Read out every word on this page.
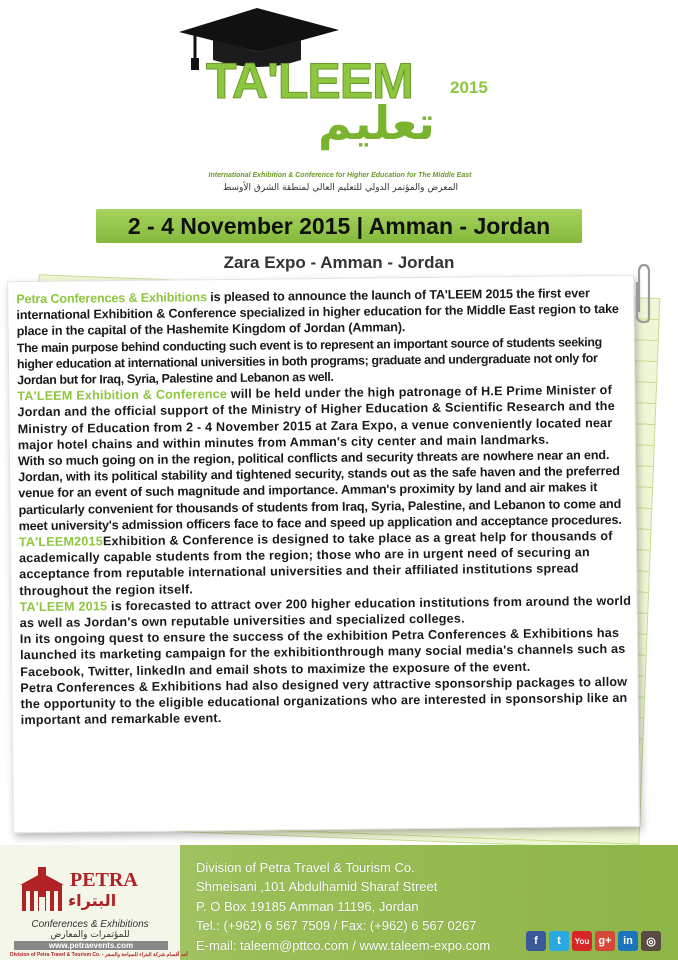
TA'LEEM	2015
تعليم
International Exhibition & Conference for Higher Education for The Middle East
المعرض والمؤتمر الدولي للتعليم العالي لمنطقة الشرق الأوسط
2 - 4 November 2015 | Amman - Jordan
Zara Expo - Amman - Jordan

Petra Conferences & Exhibitions is pleased to announce the launch of TA'LEEM 2015 the first ever international Exhibition & Conference specialized in higher education for the Middle East region to take place in the capital of the Hashemite Kingdom of Jordan (Amman).

The main purpose behind conducting such event is to represent an important source of students seeking higher education at international universities in both programs; graduate and undergraduate not only for Jordan but for Iraq, Syria, Palestine and Lebanon as well.

TA'LEEM Exhibition & Conference will be held under the high patronage of H.E Prime Minister of Jordan and the official support of the Ministry of Higher Education & Scientific Research and the Ministry of Education from 2 - 4 November 2015 at Zara Expo, a venue conveniently located near major hotel chains and within minutes from Amman's city center and main landmarks.

With so much going on in the region, political conflicts and security threats are nowhere near an end. Jordan, with its political stability and tightened security, stands out as the safe haven and the preferred venue for an event of such magnitude and importance. Amman's proximity by land and air makes it particularly convenient for thousands of students from Iraq, Syria, Palestine, and Lebanon to come and meet university's admission officers face to face and speed up application and acceptance procedures.

TA'LEEM2015Exhibition & Conference is designed to take place as a great help for thousands of academically capable students from the region; those who are in urgent need of securing an acceptance from reputable international universities and their affiliated institutions spread throughout the region itself.

TA'LEEM 2015 is forecasted to attract over 200 higher education institutions from around the world as well as Jordan's own reputable universities and specialized colleges.

In its ongoing quest to ensure the success of the exhibition Petra Conferences & Exhibitions has launched its marketing campaign for the exhibitionthrough many social media's channels such as Facebook, Twitter, linkedIn and email shots to maximize the exposure of the event.

Petra Conferences & Exhibitions had also designed very attractive sponsorship packages to allow the opportunity to the eligible educational organizations who are interested in sponsorship like an important and remarkable event.

PETRA
البتراء
Conferences & Exhibitions
للمؤتمرات والمعارض
www.petraevents.com
Division of Petra Travel & Tourism Co. - أحد أقسام شركة البتراء للسياحة والسفر
Division of Petra Travel & Tourism Co.
Shmeisani ,101 Abdulhamid Sharaf Street
P. O Box 19185 Amman 11196, Jordan
Tel.: (+962) 6 567 7509 / Fax: (+962) 6 567 0267
E-mail: taleem@pttco.com / www.taleem-expo.com	f	t	You g+	in	◎
